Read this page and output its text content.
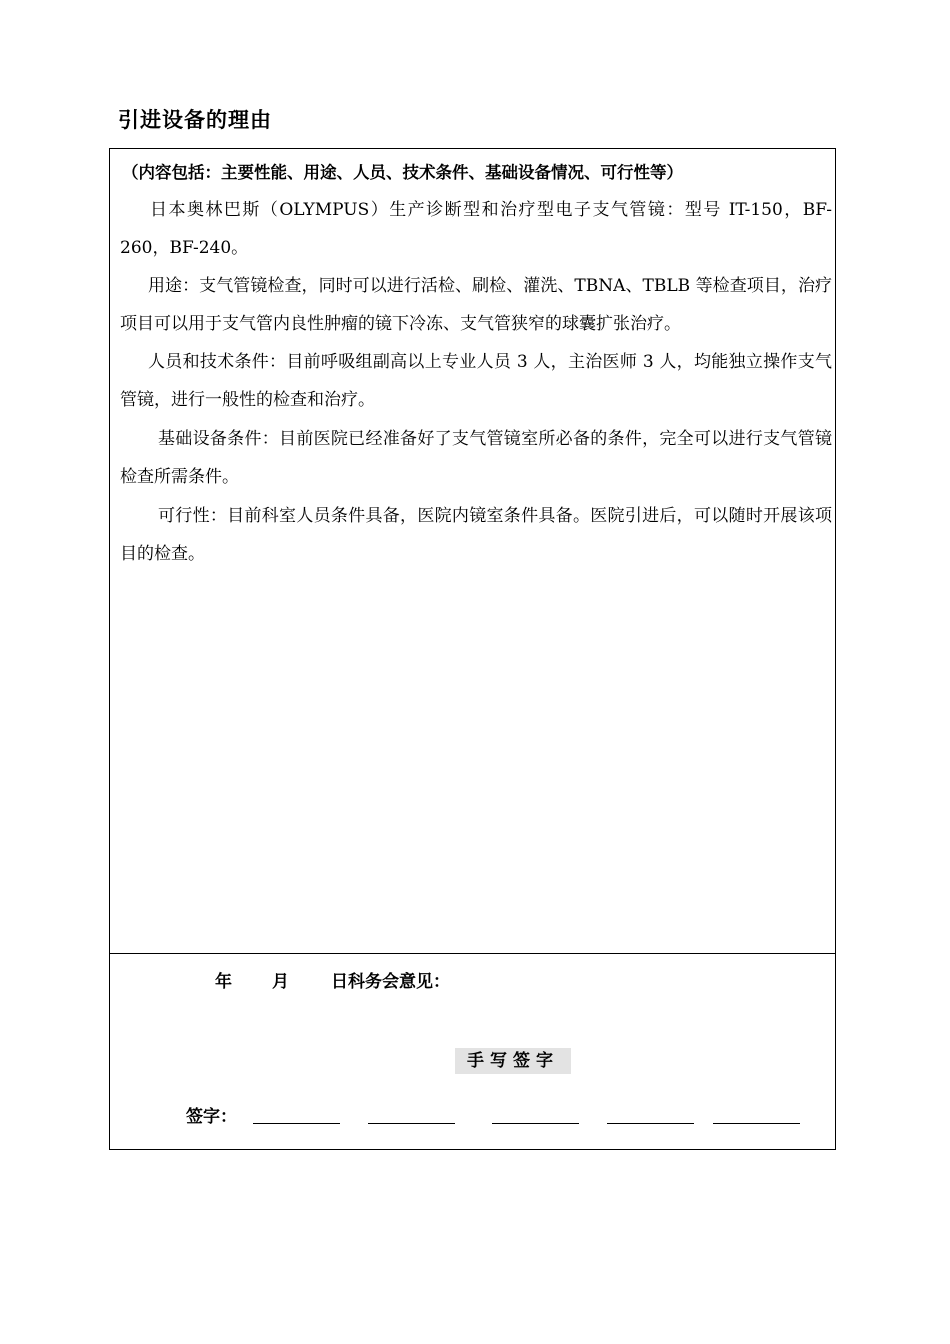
引进设备的理由
（内容包括：主要性能、用途、人员、技术条件、基础设备情况、可行性等）

日本奥林巴斯（OLYMPUS）生产诊断型和治疗型电子支气管镜：型号 IT-150，BF-260，BF-240。

用途：支气管镜检查，同时可以进行活检、刷检、灌洗、TBNA、TBLB 等检查项目，治疗项目可以用于支气管内良性肿瘤的镜下冷冻、支气管狭窄的球囊扩张治疗。

人员和技术条件：目前呼吸组副高以上专业人员 3 人，主治医师 3 人，均能独立操作支气管镜，进行一般性的检查和治疗。

基础设备条件：目前医院已经准备好了支气管镜室所必备的条件，完全可以进行支气管镜检查所需条件。

可行性：目前科室人员条件具备，医院内镜室条件具备。医院引进后，可以随时开展该项目的检查。

年 月 日科务会意见：
手写签字
签字：
